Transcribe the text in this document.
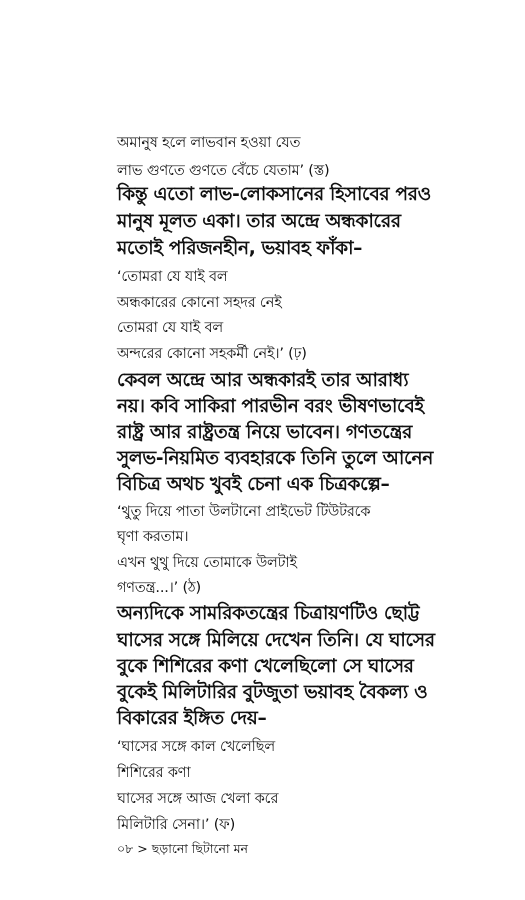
অমানুষ হলে লাভবান হওয়া যেত
লাভ গুণতে গুণতে বেঁচে যেতাম’ (স্ত)
কিন্তু এতো লাভ-লোকসানের হিসাবের পরও
মানুষ মূলত একা। তার অন্দ্রে অন্ধকারের
মতোই পরিজনহীন, ভয়াবহ ফাঁকা–
‘তোমরা যে যাই বল
অন্ধকারের কোনো সহদর নেই
তোমরা যে যাই বল
অন্দরের কোনো সহকর্মী নেই।’ (ঢ়)
কেবল অন্দ্রে আর অন্ধকারই তার আরাধ্য
নয়। কবি সাকিরা পারভীন বরং ভীষণভাবেই
রাষ্ট্র আর রাষ্ট্রতন্ত্র নিয়ে ভাবেন। গণতন্ত্রের
সুলভ-নিয়মিত ব্যবহারকে তিনি তুলে আনেন
বিচিত্র অথচ খুবই চেনা এক চিত্রকল্পে–
‘থুতু দিয়ে পাতা উলটানো প্রাইভেট টিউটরকে
ঘৃণা করতাম।
এখন থুথু দিয়ে তোমাকে উলটাই
গণতন্ত্র...।’ (ঠ)
অন্যদিকে সামরিকতন্ত্রের চিত্রায়ণটিও ছোট্ট
ঘাসের সঙ্গে মিলিয়ে দেখেন তিনি। যে ঘাসের
বুকে শিশিরের কণা খেলেছিলো সে ঘাসের
বুকেই মিলিটারির বুটজুতা ভয়াবহ বৈকল্য ও
বিকারের ইঙ্গিত দেয়–
‘ঘাসের সঙ্গে কাল খেলেছিল
শিশিরের কণা
ঘাসের সঙ্গে আজ খেলা করে
মিলিটারি সেনা।’ (ফ)
০৮ > ছড়ানো ছিটানো মন
